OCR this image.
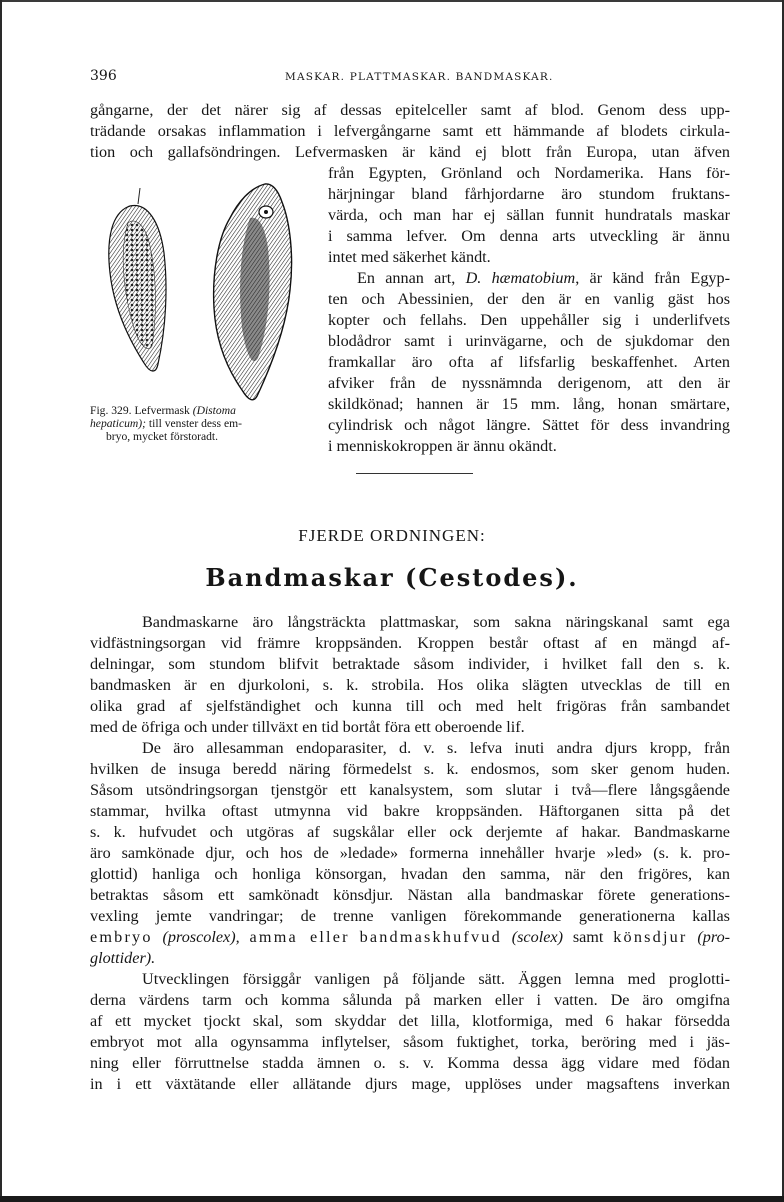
396	MASKAR. PLATTMASKAR. BANDMASKAR.
gångarne, der det närer sig af dessas epitelceller samt af blod. Genom dess upp-
trädande orsakas inflammation i lefvergångarne samt ett hämmande af blodets cirkula-
tion och gallafsöndringen. Lefvermasken är känd ej blott från Europa, utan äfven
Fig. 329. Lefvermask (Distoma
hepaticum); till venster dess em-
bryo, mycket förstoradt.
från Egypten, Grönland och Nordamerika. Hans för-
härjningar bland fårhjordarne äro stundom fruktans-
värda, och man har ej sällan funnit hundratals maskar
i samma lefver. Om denna arts utveckling är ännu
intet med säkerhet kändt.
En annan art, D. hæmatobium, är känd från Egyp-
ten och Abessinien, der den är en vanlig gäst hos
kopter och fellahs. Den uppehåller sig i underlifvets
blodådror samt i urinvägarne, och de sjukdomar den
framkallar äro ofta af lifsfarlig beskaffenhet. Arten
afviker från de nyssnämnda derigenom, att den är
skildkönad; hannen är 15 mm. lång, honan smärtare,
cylindrisk och något längre. Sättet för dess invandring
i menniskokroppen är ännu okändt.
FJERDE ORDNINGEN:
Bandmaskar (Cestodes).
Bandmaskarne äro långsträckta plattmaskar, som sakna näringskanal samt ega
vidfästningsorgan vid främre kroppsänden. Kroppen består oftast af en mängd af-
delningar, som stundom blifvit betraktade såsom individer, i hvilket fall den s. k.
bandmasken är en djurkoloni, s. k. strobila. Hos olika slägten utvecklas de till en
olika grad af sjelfständighet och kunna till och med helt frigöras från sambandet
med de öfriga och under tillväxt en tid bortåt föra ett oberoende lif.
De äro allesamman endoparasiter, d. v. s. lefva inuti andra djurs kropp, från
hvilken de insuga beredd näring förmedelst s. k. endosmos, som sker genom huden.
Såsom utsöndringsorgan tjenstgör ett kanalsystem, som slutar i två—flere långsgående
stammar, hvilka oftast utmynna vid bakre kroppsänden. Häftorganen sitta på det
s. k. hufvudet och utgöras af sugskålar eller ock derjemte af hakar. Bandmaskarne
äro samkönade djur, och hos de »ledade» formerna innehåller hvarje »led» (s. k. pro-
glottid) hanliga och honliga könsorgan, hvadan den samma, när den frigöres, kan
betraktas såsom ett samkönadt könsdjur. Nästan alla bandmaskar förete generations-
vexling jemte vandringar; de trenne vanligen förekommande generationerna kallas
embryo (proscolex), amma eller bandmaskhufvud (scolex) samt könsdjur (pro-
glottider).
Utvecklingen försiggår vanligen på följande sätt. Äggen lemna med proglotti-
derna värdens tarm och komma sålunda på marken eller i vatten. De äro omgifna
af ett mycket tjockt skal, som skyddar det lilla, klotformiga, med 6 hakar försedda
embryot mot alla ogynsamma inflytelser, såsom fuktighet, torka, beröring med i jäs-
ning eller förruttnelse stadda ämnen o. s. v. Komma dessa ägg vidare med födan
in i ett växtätande eller allätande djurs mage, upplöses under magsaftens inverkan
